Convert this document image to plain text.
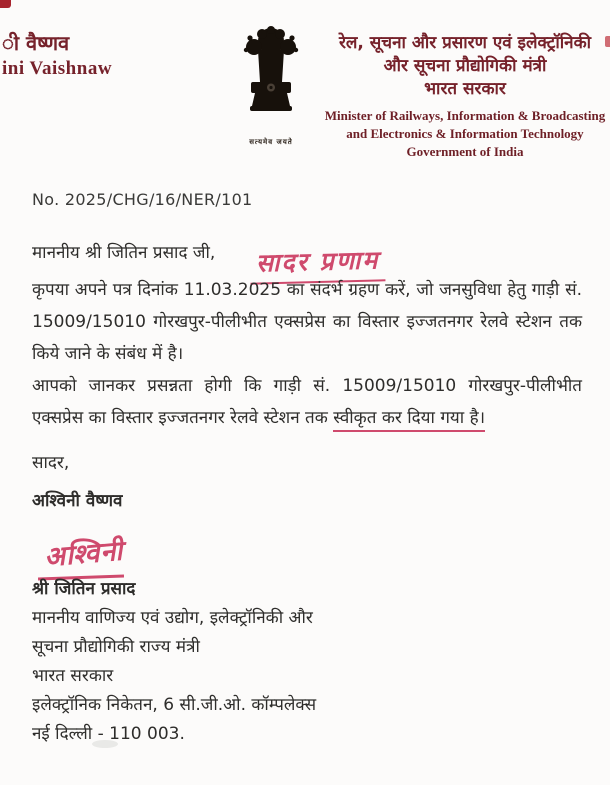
ी वैष्णव
ini Vaishnaw
सत्यमेव जयते
रेल, सूचना और प्रसारण एवं इलेक्ट्रॉनिकी
और सूचना प्रौद्योगिकी मंत्री
भारत सरकार
Minister of Railways, Information & Broadcasting
and Electronics & Information Technology
Government of India
No. 2025/CHG/16/NER/101
माननीय श्री जितिन प्रसाद जी, सादर प्रणाम
कृपया अपने पत्र दिनांक 11.03.2025 का संदर्भ ग्रहण करें, जो जनसुविधा हेतु गाड़ी सं. 15009/15010 गोरखपुर-पीलीभीत एक्सप्रेस का विस्तार इज्जतनगर रेलवे स्टेशन तक किये जाने के संबंध में है।
आपको जानकर प्रसन्नता होगी कि गाड़ी सं. 15009/15010 गोरखपुर-पीलीभीत एक्सप्रेस का विस्तार इज्जतनगर रेलवे स्टेशन तक स्वीकृत कर दिया गया है।
सादर,
अश्विनी वैष्णव
अश्विनी
श्री जितिन प्रसाद
माननीय वाणिज्य एवं उद्योग, इलेक्ट्रॉनिकी और
सूचना प्रौद्योगिकी राज्य मंत्री
भारत सरकार
इलेक्ट्रॉनिक निकेतन, 6 सी.जी.ओ. कॉम्पलेक्स
नई दिल्ली - 110 003.
